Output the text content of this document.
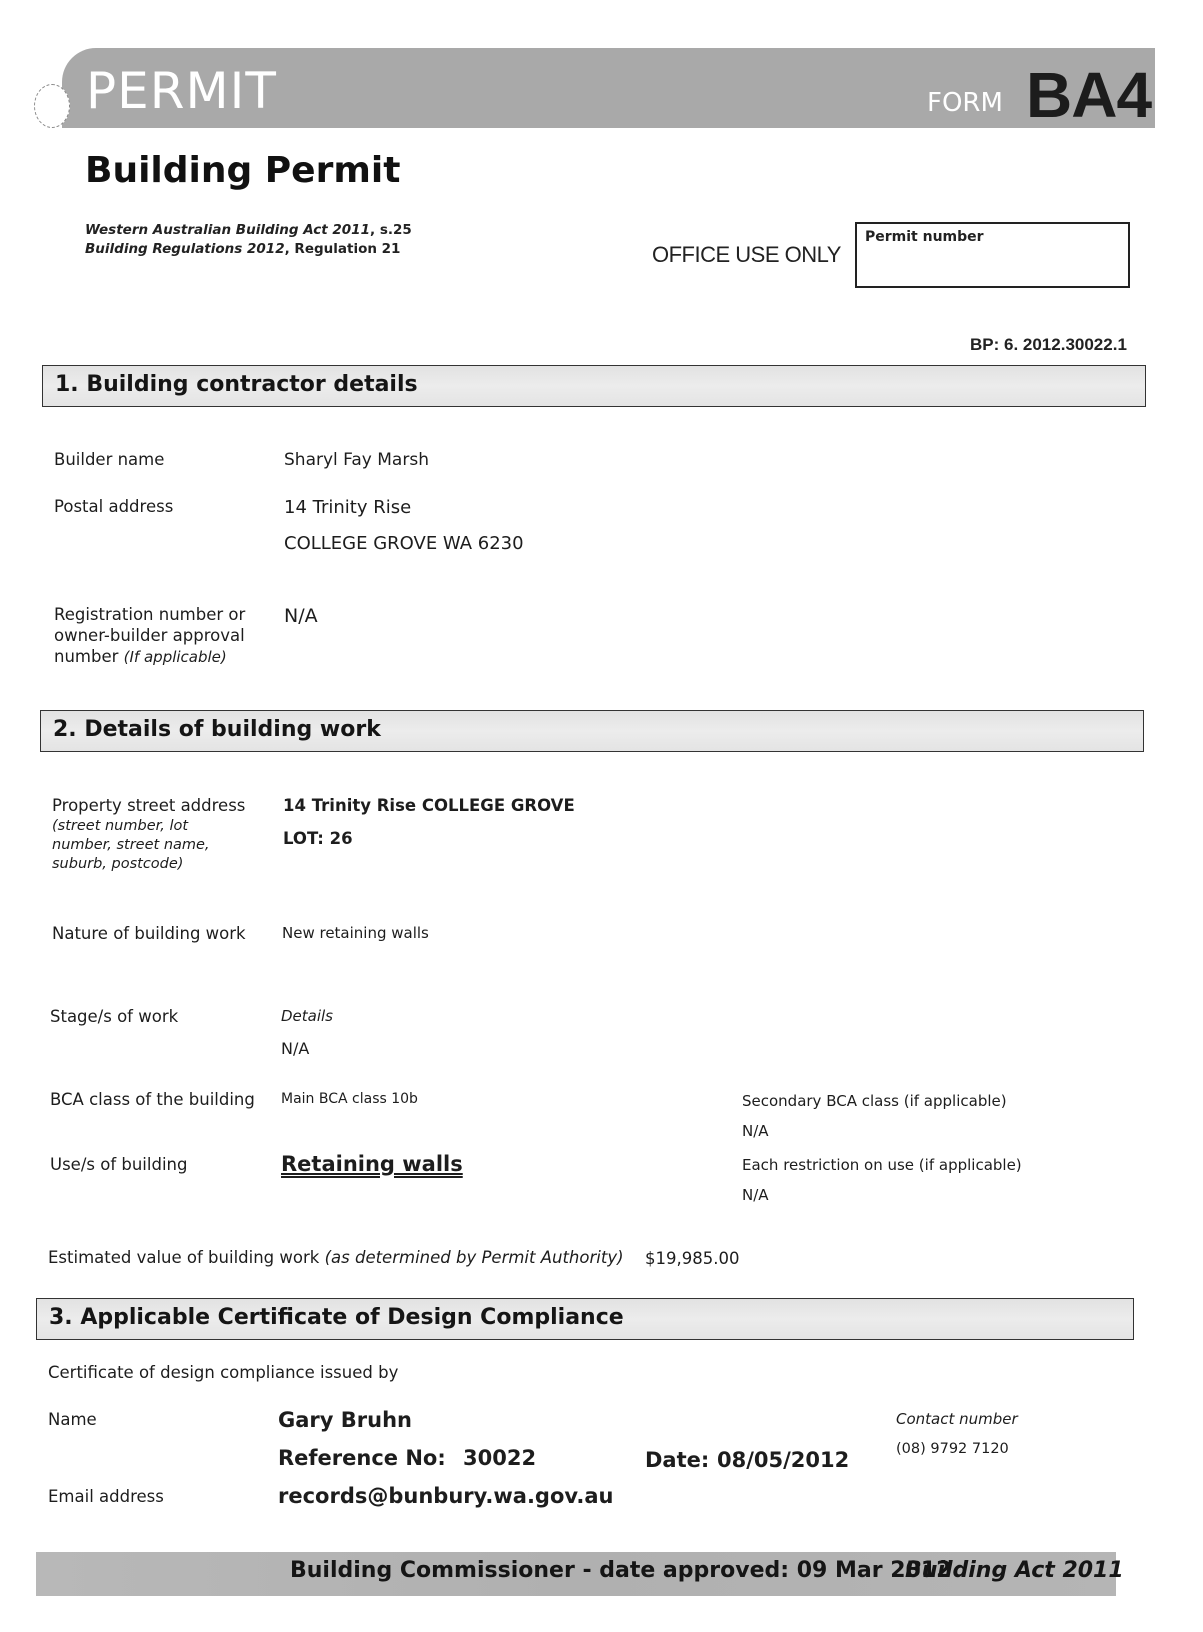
PERMIT	FORM BA4
Building Permit
Western Australian Building Act 2011, s.25
Building Regulations 2012, Regulation 21	OFFICE USE ONLY
Permit number
BP: 6. 2012.30022.1
1. Building contractor details
Builder name	Sharyl Fay Marsh
Postal address	14 Trinity Rise
COLLEGE GROVE WA 6230
Registration number or
owner-builder approval
number (If applicable)
N/A
2. Details of building work
Property street address
(street number, lot
number, street name,
suburb, postcode)
14 Trinity Rise COLLEGE GROVE
LOT: 26
Nature of building work New retaining walls
Stage/s of work	Details
N/A
BCA class of the building Main BCA class 10b	Secondary BCA class (if applicable)
N/A
Use/s of building	Retaining walls	Each restriction on use (if applicable)
N/A
Estimated value of building work (as determined by Permit Authority) $19,985.00
3. Applicable Certificate of Design Compliance
Certificate of design compliance issued by
Name	Gary Bruhn
Reference No: 30022	Date: 08/05/2012
Contact number
(08) 9792 7120
Email address	records@bunbury.wa.gov.au
Building Commissioner - date approved: 09 Mar 2012
Building Act 2011
